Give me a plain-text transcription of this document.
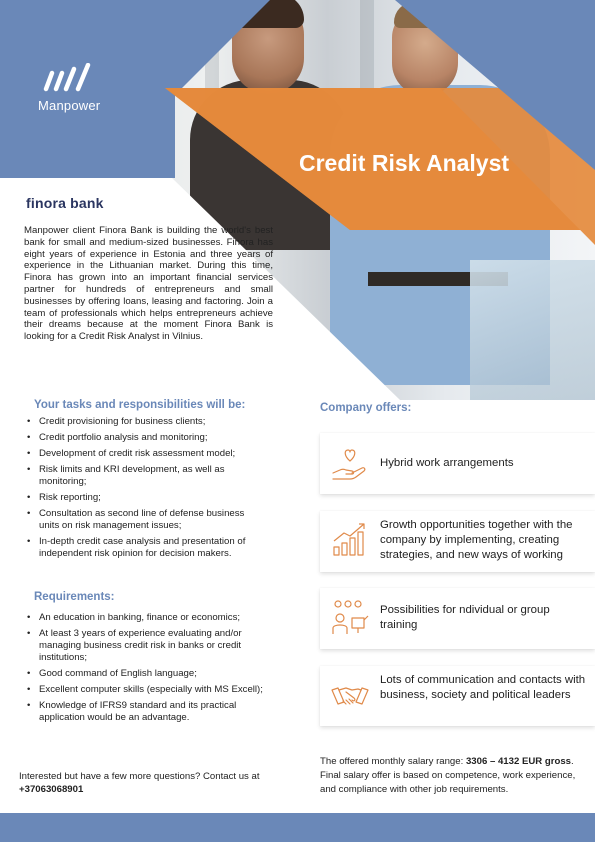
Manpower
Credit Risk Analyst
finora bank

Manpower client Finora Bank is building the world's best bank for small and medium-sized businesses. Finora has eight years of experience in Estonia and three years of experience in the Lithuanian market. During this time, Finora has grown into an important financial services partner for hundreds of entrepreneurs and small businesses by offering loans, leasing and factoring. Join a team of professionals which helps entrepreneurs achieve their dreams because at the moment Finora Bank is looking for a Credit Risk Analyst in Vilnius.

Your tasks and responsibilities will be:
• Credit provisioning for business clients;
• Credit portfolio analysis and monitoring;
• Development of credit risk assessment model;
• Risk limits and KRI development, as well as monitoring;
• Risk reporting;
• Consultation as second line of defense business units on risk management issues;
• In-depth credit case analysis and presentation of independent risk opinion for decision makers.
Requirements:
• An education in banking, finance or economics;
• At least 3 years of experience evaluating and/or managing business credit risk in banks or credit institutions;
• Good command of English language;
• Excellent computer skills (especially with MS Excell);
• Knowledge of IFRS9 standard and its practical application would be an advantage.
Interested but have a few more questions? Contact us at
+37063068901
Company offers:
Hybrid work arrangements
Growth opportunities together with the company by implementing, creating strategies, and new ways of working
Possibilities for ndividual or group training
Lots of communication and contacts with business, society and political leaders

The offered monthly salary range: 3306 – 4132 EUR gross. Final salary offer is based on competence, work experience, and compliance with other job requirements.
